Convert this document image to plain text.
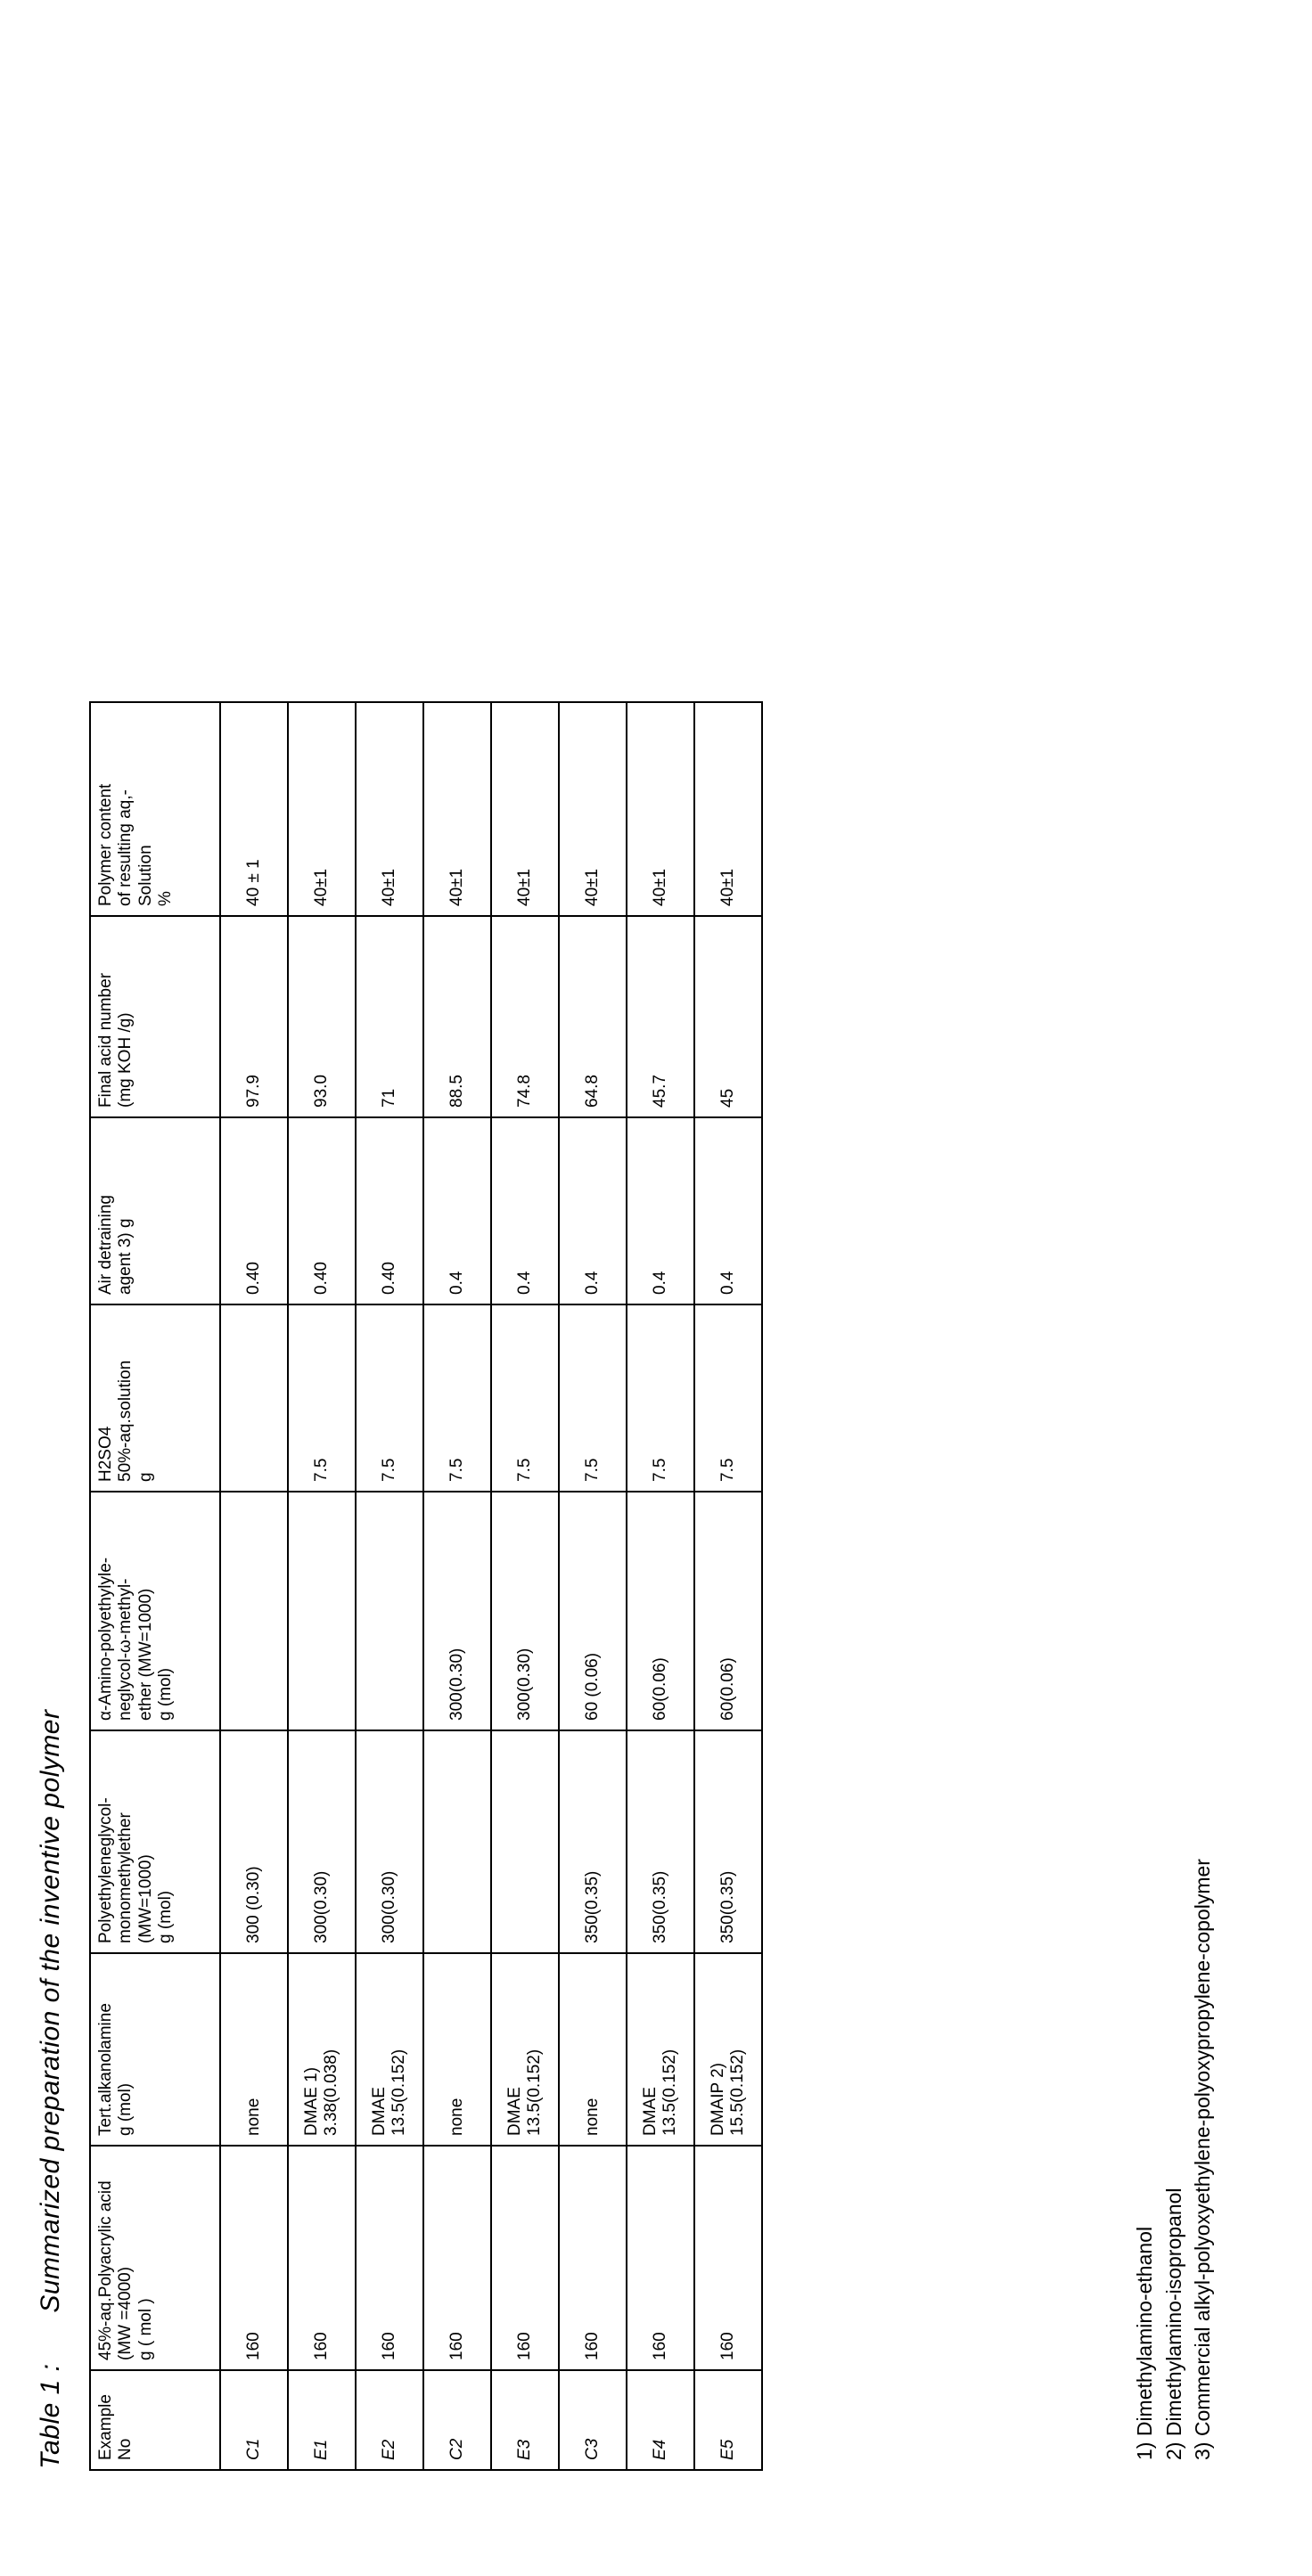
Table 1 : Summarized preparation of the inventive polymer
Example
No	45%-aq.Polyacrylic acid
(MW =4000)
g ( mol )	Tert.alkanolamine
g (mol)	Polyethyleneglycol-
monomethylether
(MW=1000)
g (mol)	α-Amino-polyethylyle-
neglycol-ω-methyl-
ether (MW=1000)
g (mol)	H2SO4
50%-aq.solution
g	Air detraining
agent 3) g	Final acid number
(mg KOH /g)	Polymer content
of resulting aq,-
Solution
%
C1	160	none	300 (0.30)			0.40	97.9	40 ± 1
E1	160	DMAE 1)
3.38(0.038)	300(0.30)		7.5	0.40	93.0	40±1
E2	160	DMAE
13.5(0.152)	300(0.30)		7.5	0.40	71	40±1
C2	160	none		300(0.30)	7.5	0.4	88.5	40±1
E3	160	DMAE
13.5(0.152)		300(0.30)	7.5	0.4	74.8	40±1
C3	160	none	350(0.35)	60 (0.06)	7.5	0.4	64.8	40±1
E4	160	DMAE
13.5(0.152)	350(0.35)	60(0.06)	7.5	0.4	45.7	40±1
E5	160	DMAIP 2)
15.5(0.152)	350(0.35)	60(0.06)	7.5	0.4	45	40±1
1) Dimethylamino-ethanol 2) Dimethylamino-isopropanol 3) Commercial alkyl-polyoxyethylene-polyoxypropylene-copolymer
